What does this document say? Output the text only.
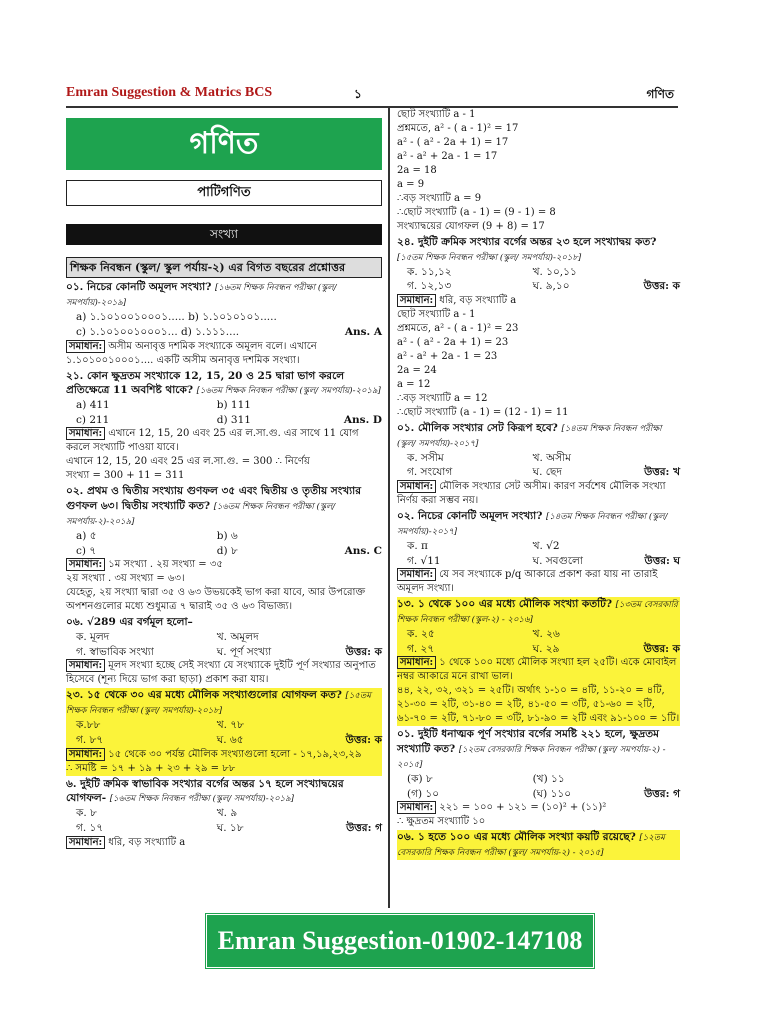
Emran Suggestion & Matrics BCS	১	গণিত
গণিত
পাটিগণিত
সংখ্যা
শিক্ষক নিবন্ধন (স্কুল/ স্কুল পর্যায়-২) এর বিগত বছরের প্রশ্নোত্তর
০১. নিচের কোনটি অমূলদ সংখ্যা? [১৬তম শিক্ষক নিবন্ধন পরীক্ষা (স্কুল/ সমপর্যায়)-২০১৯]
a) ১.১০১০০১০০০১..... b) ১.১০১০১০১.....
c) ১.১০১০০১০০০১... d) ১.১১১....	Ans. A
সমাধান: অসীম অনাবৃত্ত দশমিক সংখ্যাকে অমূলদ বলে। এখানে
১.১০১০০১০০০১.... একটি অসীম অনাবৃত্ত দশমিক সংখ্যা।
২১. কোন ক্ষুদ্রতম সংখ্যাকে 12, 15, 20 ও 25 দ্বারা ভাগ করলে প্রতিক্ষেত্রে 11 অবশিষ্ট থাকে? [১৬তম শিক্ষক নিবন্ধন পরীক্ষা (স্কুল/ সমপর্যায়)-২০১৯]
a) 411	b) 111
c) 211	d) 311	Ans. D
সমাধান: এখানে 12, 15, 20 এবং 25 এর ল.সা.গু. এর সাথে 11 যোগ করলে সংখ্যাটি পাওয়া যাবে।
এখানে 12, 15, 20 এবং 25 এর ল.সা.গু. = 300 ∴ নির্ণেয়
সংখ্যা = 300 + 11 = 311
০২. প্রথম ও দ্বিতীয় সংখ্যায় গুণফল ৩৫ এবং দ্বিতীয় ও তৃতীয় সংখ্যার গুণফল ৬৩। দ্বিতীয় সংখ্যাটি কত? [১৬তম শিক্ষক নিবন্ধন পরীক্ষা (স্কুল/ সমপর্যায়-২)-২০১৯]
a) ৫	b) ৬
c) ৭	d) ৮	Ans. C
সমাধান: ১ম সংখ্যা . ২য় সংখ্যা = ৩৫
২য় সংখ্যা . ৩য় সংখ্যা = ৬৩।
যেহেতু, ২য় সংখ্যা দ্বারা ৩৫ ও ৬৩ উভয়কেই ভাগ করা যাবে, আর উপরোক্ত অপশনগুলোর মধ্যে শুধুমাত্র ৭ দ্বারাই ৩৫ ও ৬৩ বিভাজ্য।
০৬. √289 এর বর্গমূল হলো–
ক. মূলদ	খ. অমূলদ
গ. স্বাভাবিক সংখ্যা	ঘ. পূর্ণ সংখ্যা	উত্তর: ক
সমাধান: মূলদ সংখ্যা হচ্ছে সেই সংখ্যা যে সংখ্যাকে দুইটি পূর্ণ সংখ্যার অনুপাত হিসেবে (শূন্য দিয়ে ভাগ করা ছাড়া) প্রকাশ করা যায়।
২৩. ১৫ থেকে ৩০ এর মধ্যে মৌলিক সংখ্যাগুলোর যোগফল কত? [১৫তম শিক্ষক নিবন্ধন পরীক্ষা (স্কুল/ সমপর্যায়)-২০১৮]
ক.৮৮	খ. ৭৮
গ. ৮৭	ঘ. ৬৫	উত্তর: ক
সমাধান: ১৫ থেকে ৩০ পর্যন্ত মৌলিক সংখ্যাগুলো হলো - ১৭,১৯,২৩,২৯
∴ সমষ্টি = ১৭ + ১৯ + ২৩ + ২৯ = ৮৮
৬. দুইটি ক্রমিক স্বাভাবিক সংখ্যার বর্গের অন্তর ১৭ হলে সংখ্যাদ্বয়ের যোগফল- [১৬তম শিক্ষক নিবন্ধন পরীক্ষা (স্কুল/ সমপর্যায়)-২০১৯]
ক. ৮	খ. ৯
গ. ১৭	ঘ. ১৮	উত্তর: গ
সমাধান: ধরি, বড় সংখ্যাটি a
ছোট সংখ্যাটি a - 1
প্রশ্নমতে, a² - ( a - 1)² = 17
a² - ( a² - 2a + 1) = 17
a² - a² + 2a - 1 = 17
2a = 18
a = 9
∴বড় সংখ্যাটি a = 9
∴ছোট সংখ্যাটি (a - 1) = (9 - 1) = 8
সংখ্যাদ্বয়ের যোগফল (9 + 8) = 17
২৪. দুইটি ক্রমিক সংখ্যার বর্গের অন্তর ২৩ হলে সংখ্যাদ্বয় কত? [১৫তম শিক্ষক নিবন্ধন পরীক্ষা (স্কুল/ সমপর্যায়)-২০১৮]
ক. ১১,১২	খ. ১০,১১
গ. ১২,১৩	ঘ. ৯,১০	উত্তর: ক
সমাধান: ধরি, বড় সংখ্যাটি a
ছোট সংখ্যাটি a - 1
প্রশ্নমতে, a² - ( a - 1)² = 23
a² - ( a² - 2a + 1) = 23
a² - a² + 2a - 1 = 23
2a = 24
a = 12
∴বড় সংখ্যাটি a = 12
∴ছোট সংখ্যাটি (a - 1) = (12 - 1) = 11
০১. মৌলিক সংখ্যার সেট কিরূপ হবে? [১৪তম শিক্ষক নিবন্ধন পরীক্ষা (স্কুল/ সমপর্যায়)-২০১৭]
ক. সসীম	খ. অসীম
গ. সংযোগ	ঘ. ছেদ	উত্তর: খ
সমাধান: মৌলিক সংখ্যার সেট অসীম। কারণ সর্বশেষ মৌলিক সংখ্যা নির্ণয় করা সম্ভব নয়।
০২. নিচের কোনটি অমূলদ সংখ্যা? [১৪তম শিক্ষক নিবন্ধন পরীক্ষা (স্কুল/ সমপর্যায়)-২০১৭]
ক. π	খ. √2
গ. √11	ঘ. সবগুলো	উত্তর: ঘ
সমাধান: যে সব সংখ্যাকে p/q আকারে প্রকাশ করা যায় না তারাই অমূলদ সংখ্যা।
১৩. ১ থেকে ১০০ এর মধ্যে মৌলিক সংখ্যা কতটি? [১৩তম বেসরকারি শিক্ষক নিবন্ধন পরীক্ষা (স্কুল-২) - ২০১৬]
ক. ২৫	খ. ২৬
গ. ২৭	ঘ. ২৯	উত্তর: ক
সমাধান: ১ থেকে ১০০ মধ্যে মৌলিক সংখ্যা হল ২৫টি। একে মোবাইল নম্বর আকারে মনে রাখা ভাল।
৪৪, ২২, ৩২, ৩২১ = ২৫টি। অর্থাৎ ১-১০ = ৪টি, ১১-২০ = ৪টি, ২১-৩০ = ২টি, ৩১-৪০ = ২টি, ৪১-৫০ = ৩টি, ৫১-৬০ = ২টি, ৬১-৭০ = ২টি, ৭১-৮০ = ৩টি, ৮১-৯০ = ২টি এবং ৯১-১০০ = ১টি।
০১. দুইটি ধনাত্মক পূর্ণ সংখ্যার বর্গের সমষ্টি ২২১ হলে, ক্ষুদ্রতম সংখ্যাটি কত? [১২তম বেসরকারি শিক্ষক নিবন্ধন পরীক্ষা (স্কুল/ সমপর্যায়-২) - ২০১৫]
(ক) ৮	(খ) ১১
(গ) ১০	(ঘ) ১১০	উত্তর: গ
সমাধান: ২২১ = ১০০ + ১২১ = (১০)² + (১১)²
∴ ক্ষুদ্রতম সংখ্যাটি ১০
০৬. ১ হতে ১০০ এর মধ্যে মৌলিক সংখ্যা কয়টি রয়েছে? [১২তম বেসরকারি শিক্ষক নিবন্ধন পরীক্ষা (স্কুল/ সমপর্যায়-২) - ২০১৫]
Emran Suggestion-01902-147108
